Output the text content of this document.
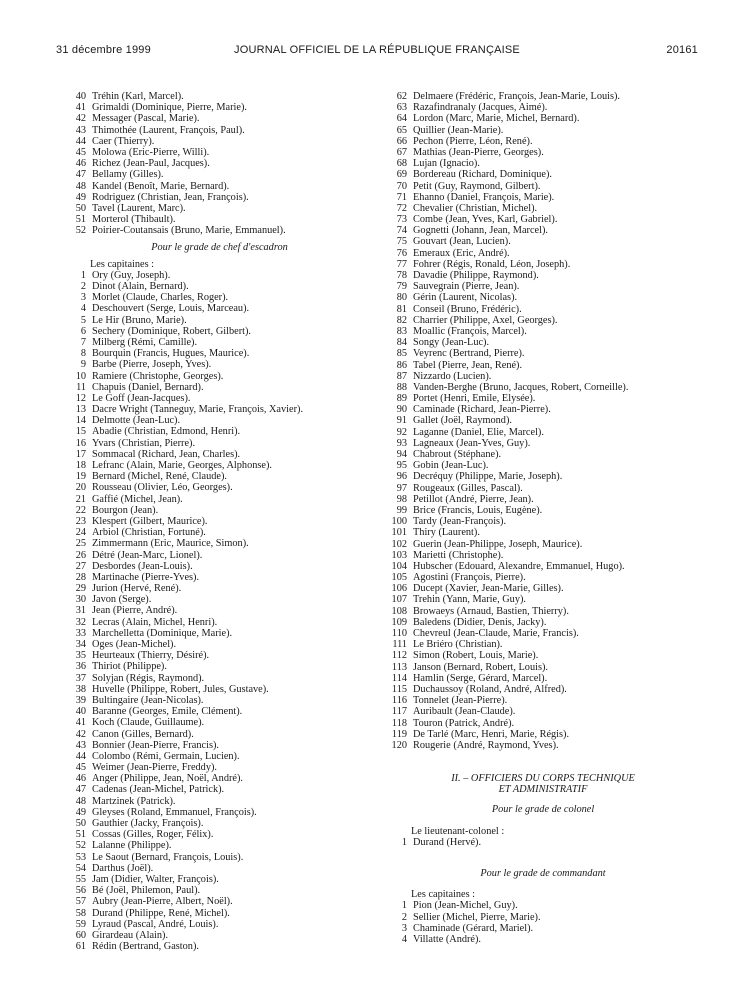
31 décembre 1999	JOURNAL OFFICIEL DE LA RÉPUBLIQUE FRANÇAISE	20161
40 Tréhin (Karl, Marcel).
41 Grimaldi (Dominique, Pierre, Marie).
42 Messager (Pascal, Marie).
43 Thimothée (Laurent, François, Paul).
44 Caer (Thierry).
45 Molowa (Eric-Pierre, Willi).
46 Richez (Jean-Paul, Jacques).
47 Bellamy (Gilles).
48 Kandel (Benoît, Marie, Bernard).
49 Rodriguez (Christian, Jean, François).
50 Tavel (Laurent, Marc).
51 Morterol (Thibault).
52 Poirier-Coutansais (Bruno, Marie, Emmanuel).
Pour le grade de chef d'escadron
Les capitaines :
1 Ory (Guy, Joseph).
2 Dinot (Alain, Bernard).
3 Morlet (Claude, Charles, Roger).
4 Deschouvert (Serge, Louis, Marceau).
5 Le Hir (Bruno, Marie).
6 Sechery (Dominique, Robert, Gilbert).
7 Milberg (Rémi, Camille).
8 Bourquin (Francis, Hugues, Maurice).
9 Barbe (Pierre, Joseph, Yves).
10 Ramiere (Christophe, Georges).
11 Chapuis (Daniel, Bernard).
12 Le Goff (Jean-Jacques).
13 Dacre Wright (Tanneguy, Marie, François, Xavier).
14 Delmotte (Jean-Luc).
15 Abadie (Christian, Edmond, Henri).
16 Yvars (Christian, Pierre).
17 Sommacal (Richard, Jean, Charles).
18 Lefranc (Alain, Marie, Georges, Alphonse).
19 Bernard (Michel, René, Claude).
20 Rousseau (Olivier, Léo, Georges).
21 Gaffié (Michel, Jean).
22 Bourgon (Jean).
23 Klespert (Gilbert, Maurice).
24 Arbiol (Christian, Fortuné).
25 Zimmermann (Eric, Maurice, Simon).
26 Détré (Jean-Marc, Lionel).
27 Desbordes (Jean-Louis).
28 Martinache (Pierre-Yves).
29 Jurion (Hervé, René).
30 Javon (Serge).
31 Jean (Pierre, André).
32 Lecras (Alain, Michel, Henri).
33 Marchelletta (Dominique, Marie).
34 Oges (Jean-Michel).
35 Heurteaux (Thierry, Désiré).
36 Thiriot (Philippe).
37 Solyjan (Régis, Raymond).
38 Huvelle (Philippe, Robert, Jules, Gustave).
39 Bultingaire (Jean-Nicolas).
40 Baranne (Georges, Emile, Clément).
41 Koch (Claude, Guillaume).
42 Canon (Gilles, Bernard).
43 Bonnier (Jean-Pierre, Francis).
44 Colombo (Rémi, Germain, Lucien).
45 Weimer (Jean-Pierre, Freddy).
46 Anger (Philippe, Jean, Noël, André).
47 Cadenas (Jean-Michel, Patrick).
48 Martzinek (Patrick).
49 Gleyses (Roland, Emmanuel, François).
50 Gauthier (Jacky, François).
51 Cossas (Gilles, Roger, Félix).
52 Lalanne (Philippe).
53 Le Saout (Bernard, François, Louis).
54 Darthus (Joël).
55 Jam (Didier, Walter, François).
56 Bé (Joël, Philemon, Paul).
57 Aubry (Jean-Pierre, Albert, Noël).
58 Durand (Philippe, René, Michel).
59 Lyraud (Pascal, André, Louis).
60 Girardeau (Alain).
61 Rédin (Bertrand, Gaston).
62 Delmaere (Frédéric, François, Jean-Marie, Louis).
63 Razafindranaly (Jacques, Aimé).
64 Lordon (Marc, Marie, Michel, Bernard).
65 Quillier (Jean-Marie).
66 Pechon (Pierre, Léon, René).
67 Mathias (Jean-Pierre, Georges).
68 Lujan (Ignacio).
69 Bordereau (Richard, Dominique).
70 Petit (Guy, Raymond, Gilbert).
71 Ehanno (Daniel, François, Marie).
72 Chevalier (Christian, Michel).
73 Combe (Jean, Yves, Karl, Gabriel).
74 Gognetti (Johann, Jean, Marcel).
75 Gouvart (Jean, Lucien).
76 Emeraux (Eric, André).
77 Fohrer (Régis, Ronald, Léon, Joseph).
78 Davadie (Philippe, Raymond).
79 Sauvegrain (Pierre, Jean).
80 Gérin (Laurent, Nicolas).
81 Conseil (Bruno, Frédéric).
82 Charrier (Philippe, Axel, Georges).
83 Moallic (François, Marcel).
84 Songy (Jean-Luc).
85 Veyrenc (Bertrand, Pierre).
86 Tabel (Pierre, Jean, René).
87 Nizzardo (Lucien).
88 Vanden-Berghe (Bruno, Jacques, Robert, Corneille).
89 Portet (Henri, Emile, Elysée).
90 Caminade (Richard, Jean-Pierre).
91 Gallet (Joël, Raymond).
92 Laganne (Daniel, Elie, Marcel).
93 Lagneaux (Jean-Yves, Guy).
94 Chabrout (Stéphane).
95 Gobin (Jean-Luc).
96 Decréquy (Philippe, Marie, Joseph).
97 Rougeaux (Gilles, Pascal).
98 Petillot (André, Pierre, Jean).
99 Brice (Francis, Louis, Eugène).
100 Tardy (Jean-François).
101 Thiry (Laurent).
102 Guerin (Jean-Philippe, Joseph, Maurice).
103 Marietti (Christophe).
104 Hubscher (Edouard, Alexandre, Emmanuel, Hugo).
105 Agostini (François, Pierre).
106 Ducept (Xavier, Jean-Marie, Gilles).
107 Trehin (Yann, Marie, Guy).
108 Browaeys (Arnaud, Bastien, Thierry).
109 Baledens (Didier, Denis, Jacky).
110 Chevreul (Jean-Claude, Marie, Francis).
111 Le Briéro (Christian).
112 Simon (Robert, Louis, Marie).
113 Janson (Bernard, Robert, Louis).
114 Hamlin (Serge, Gérard, Marcel).
115 Duchaussoy (Roland, André, Alfred).
116 Tonnelet (Jean-Pierre).
117 Auribault (Jean-Claude).
118 Touron (Patrick, André).
119 De Tarlé (Marc, Henri, Marie, Régis).
120 Rougerie (André, Raymond, Yves).
II. – OFFICIERS DU CORPS TECHNIQUE
ET ADMINISTRATIF
Pour le grade de colonel
Le lieutenant-colonel :
1 Durand (Hervé).
Pour le grade de commandant
Les capitaines :
1 Pion (Jean-Michel, Guy).
2 Sellier (Michel, Pierre, Marie).
3 Chaminade (Gérard, Mariel).
4 Villatte (André).
